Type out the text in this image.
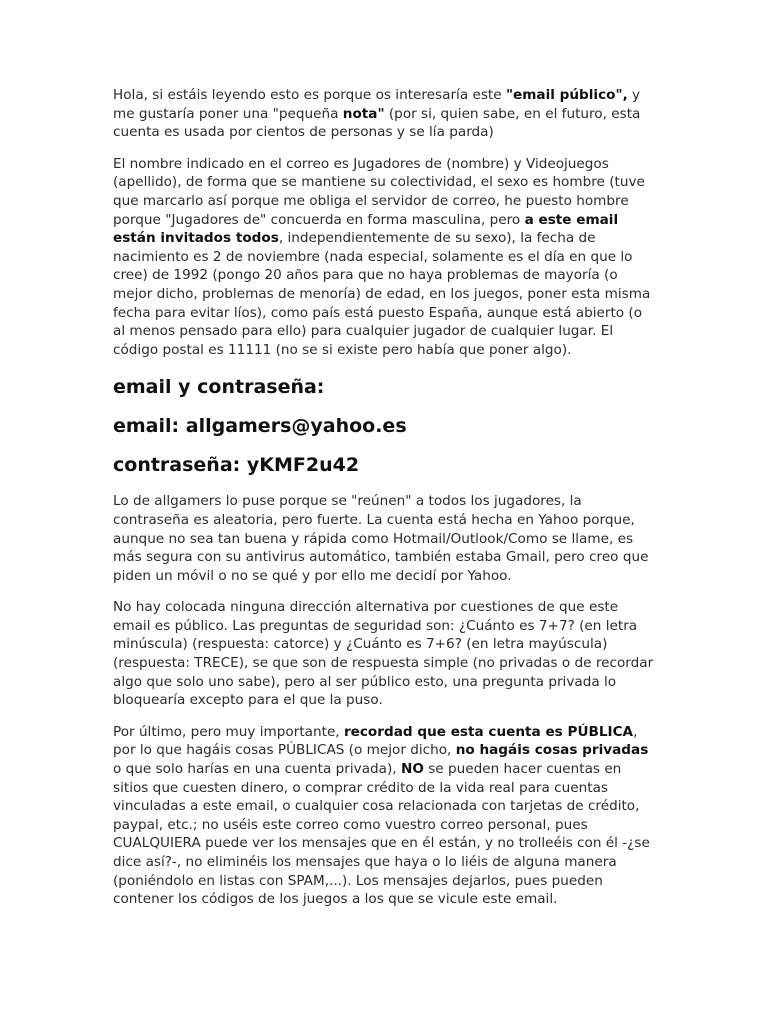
Hola, si estáis leyendo esto es porque os interesaría este "email público", y me gustaría poner una "pequeña nota" (por si, quien sabe, en el futuro, esta cuenta es usada por cientos de personas y se lía parda)

El nombre indicado en el correo es Jugadores de (nombre) y Videojuegos (apellido), de forma que se mantiene su colectividad, el sexo es hombre (tuve que marcarlo así porque me obliga el servidor de correo, he puesto hombre porque "Jugadores de" concuerda en forma masculina, pero a este email están invitados todos, independientemente de su sexo), la fecha de nacimiento es 2 de noviembre (nada especial, solamente es el día en que lo cree) de 1992 (pongo 20 años para que no haya problemas de mayoría (o mejor dicho, problemas de menoría) de edad, en los juegos, poner esta misma fecha para evitar líos), como país está puesto España, aunque está abierto (o al menos pensado para ello) para cualquier jugador de cualquier lugar. El código postal es 11111 (no se si existe pero había que poner algo).

email y contraseña:
email: allgamers@yahoo.es
contraseña: yKMF2u42

Lo de allgamers lo puse porque se "reúnen" a todos los jugadores, la contraseña es aleatoria, pero fuerte. La cuenta está hecha en Yahoo porque, aunque no sea tan buena y rápida como Hotmail/Outlook/Como se llame, es más segura con su antivirus automático, también estaba Gmail, pero creo que piden un móvil o no se qué y por ello me decidí por Yahoo.

No hay colocada ninguna dirección alternativa por cuestiones de que este email es público. Las preguntas de seguridad son: ¿Cuánto es 7+7? (en letra minúscula) (respuesta: catorce) y ¿Cuánto es 7+6? (en letra mayúscula) (respuesta: TRECE), se que son de respuesta simple (no privadas o de recordar algo que solo uno sabe), pero al ser público esto, una pregunta privada lo bloquearía excepto para el que la puso.

Por último, pero muy importante, recordad que esta cuenta es PÚBLICA, por lo que hagáis cosas PÚBLICAS (o mejor dicho, no hagáis cosas privadas o que solo harías en una cuenta privada), NO se pueden hacer cuentas en sitios que cuesten dinero, o comprar crédito de la vida real para cuentas vinculadas a este email, o cualquier cosa relacionada con tarjetas de crédito, paypal, etc.; no uséis este correo como vuestro correo personal, pues CUALQUIERA puede ver los mensajes que en él están, y no trolleéis con él -¿se dice así?-, no eliminéis los mensajes que haya o lo liéis de alguna manera (poniéndolo en listas con SPAM,...). Los mensajes dejarlos, pues pueden contener los códigos de los juegos a los que se vicule este email.
